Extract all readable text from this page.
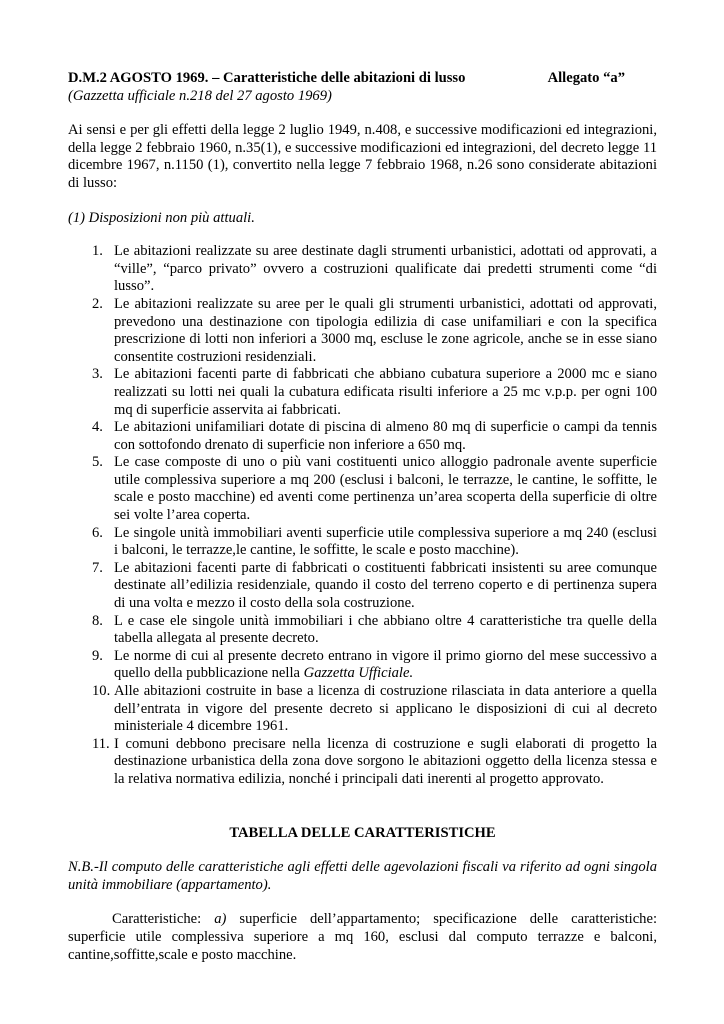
D.M.2 AGOSTO 1969. – Caratteristiche delle abitazioni di lusso	Allegato “a”
(Gazzetta ufficiale n.218 del 27 agosto 1969)
Ai sensi e per gli effetti della legge 2 luglio 1949, n.408, e successive modificazioni ed integrazioni, della legge 2 febbraio 1960, n.35(1), e successive modificazioni ed integrazioni, del decreto legge 11 dicembre 1967, n.1150 (1), convertito nella legge 7 febbraio 1968, n.26 sono considerate abitazioni di lusso:
(1) Disposizioni non più attuali.
1. Le abitazioni realizzate su aree destinate dagli strumenti urbanistici, adottati od approvati, a “ville”, “parco privato” ovvero a costruzioni qualificate dai predetti strumenti come “di lusso”.
2. Le abitazioni realizzate su aree per le quali gli strumenti urbanistici, adottati od approvati, prevedono una destinazione con tipologia edilizia di case unifamiliari e con la specifica prescrizione di lotti non inferiori a 3000 mq, escluse le zone agricole, anche se in esse siano consentite costruzioni residenziali.
3. Le abitazioni facenti parte di fabbricati che abbiano cubatura superiore a 2000 mc e siano realizzati su lotti nei quali la cubatura edificata risulti inferiore a 25 mc v.p.p. per ogni 100 mq di superficie asservita ai fabbricati.
4. Le abitazioni unifamiliari dotate di piscina di almeno 80 mq di superficie o campi da tennis con sottofondo drenato di superficie non inferiore a 650 mq.
5. Le case composte di uno o più vani costituenti unico alloggio padronale avente superficie utile complessiva superiore a mq 200 (esclusi i balconi, le terrazze, le cantine, le soffitte, le scale e posto macchine) ed aventi come pertinenza un’area scoperta della superficie di oltre sei volte l’area coperta.
6. Le singole unità immobiliari aventi superficie utile complessiva superiore a mq 240 (esclusi i balconi, le terrazze,le cantine, le soffitte, le scale e posto macchine).
7. Le abitazioni facenti parte di fabbricati o costituenti fabbricati insistenti su aree comunque destinate all’edilizia residenziale, quando il costo del terreno coperto e di pertinenza supera di una volta e mezzo il costo della sola costruzione.
8. L e case ele singole unità immobiliari i che abbiano oltre 4 caratteristiche tra quelle della tabella allegata al presente decreto.
9. Le norme di cui al presente decreto entrano in vigore il primo giorno del mese successivo a quello della pubblicazione nella Gazzetta Ufficiale.
10. Alle abitazioni costruite in base a licenza di costruzione rilasciata in data anteriore a quella dell’entrata in vigore del presente decreto si applicano le disposizioni di cui al decreto ministeriale 4 dicembre 1961.
11. I comuni debbono precisare nella licenza di costruzione e sugli elaborati di progetto la destinazione urbanistica della zona dove sorgono le abitazioni oggetto della licenza stessa e la relativa normativa edilizia, nonché i principali dati inerenti al progetto approvato.
TABELLA DELLE CARATTERISTICHE
N.B.-Il computo delle caratteristiche agli effetti delle agevolazioni fiscali va riferito ad ogni singola unità immobiliare (appartamento).
Caratteristiche: a) superficie dell’appartamento; specificazione delle caratteristiche: superficie utile complessiva superiore a mq 160, esclusi dal computo terrazze e balconi, cantine,soffitte,scale e posto macchine.
